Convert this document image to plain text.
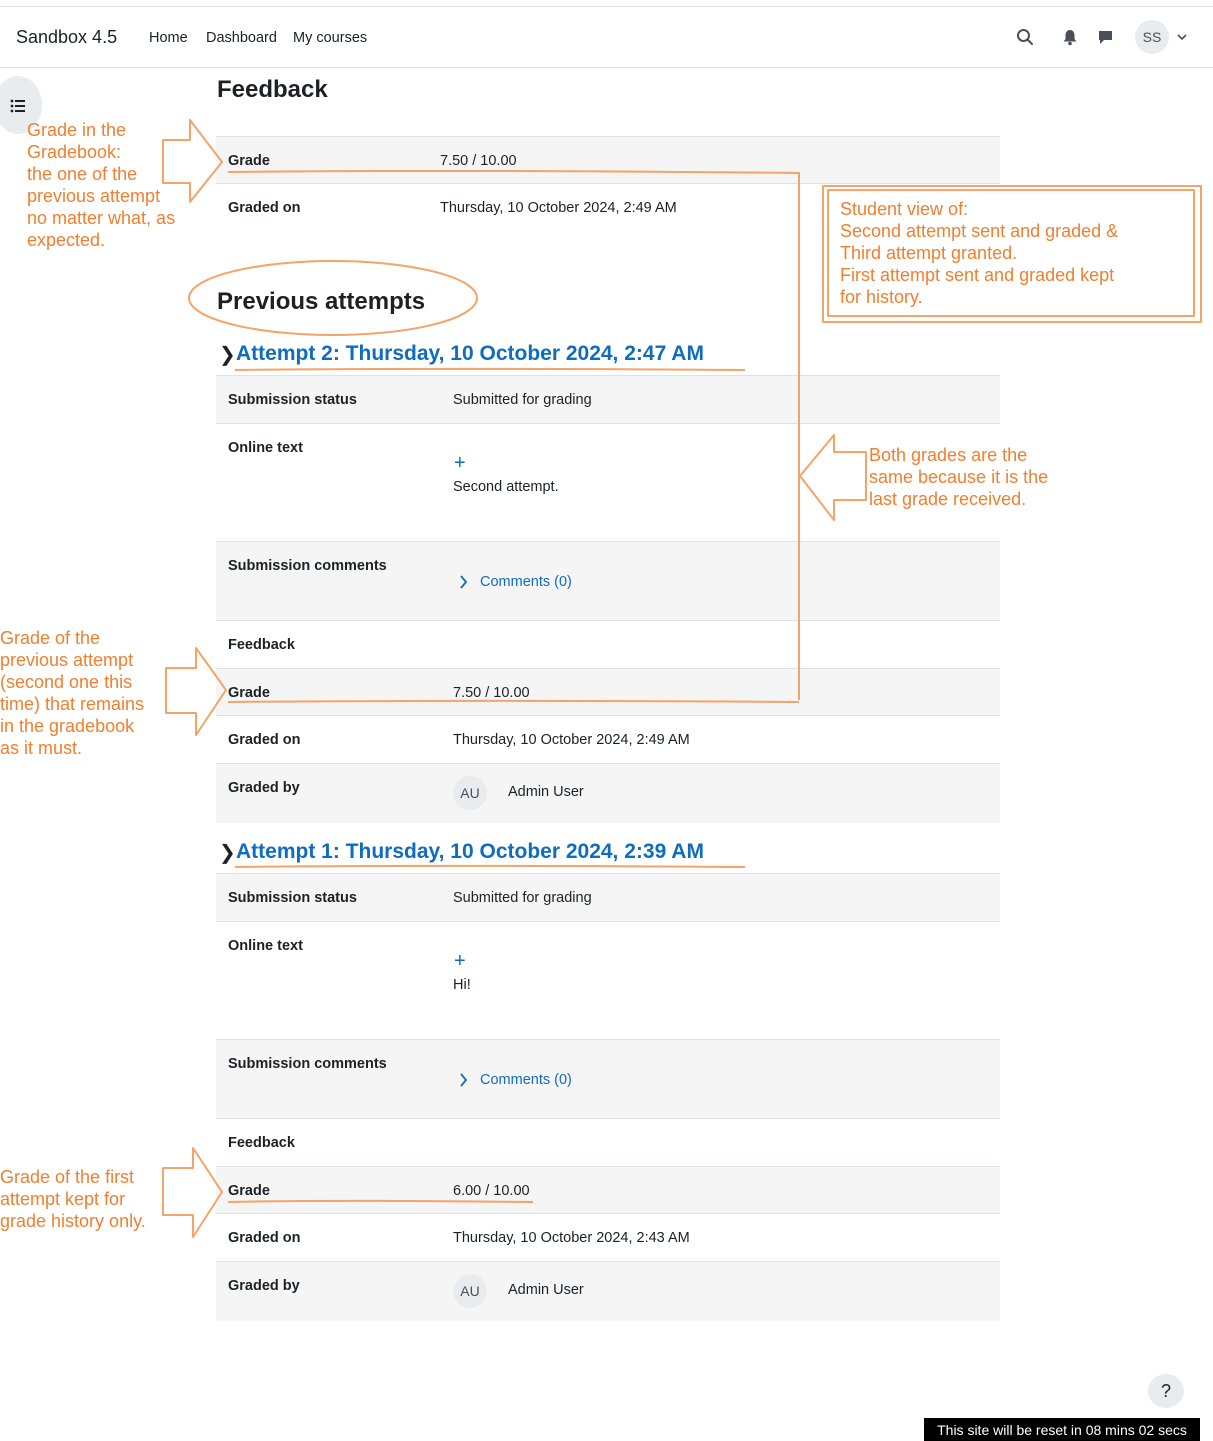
Sandbox 4.5 Home Dashboard My courses	SS
Feedback
Grade	7.50 / 10.00
Graded on	Thursday, 10 October 2024, 2:49 AM
Previous attempts
❯ Attempt 2: Thursday, 10 October 2024, 2:47 AM
Submission status	Submitted for grading
Online text
+
Second attempt.
Submission comments
Comments (0)
Feedback
Grade	7.50 / 10.00
Graded on	Thursday, 10 October 2024, 2:49 AM
Graded by	AU	Admin User
❯ Attempt 1: Thursday, 10 October 2024, 2:39 AM
Submission status	Submitted for grading
Online text
+
Hi!
Submission comments
Comments (0)
Feedback
Grade	6.00 / 10.00
Graded on	Thursday, 10 October 2024, 2:43 AM
Graded by	AU	Admin User
Grade in the
Gradebook:
the one of the
previous attempt
no matter what, as
expected.
Student view of:
Second attempt sent and graded &
Third attempt granted.
First attempt sent and graded kept
for history.
Both grades are the
same because it is the
last grade received.
Grade of the
previous attempt
(second one this
time) that remains
in the gradebook
as it must.
Grade of the first
attempt kept for
grade history only.
?
This site will be reset in 08 mins 02 secs
